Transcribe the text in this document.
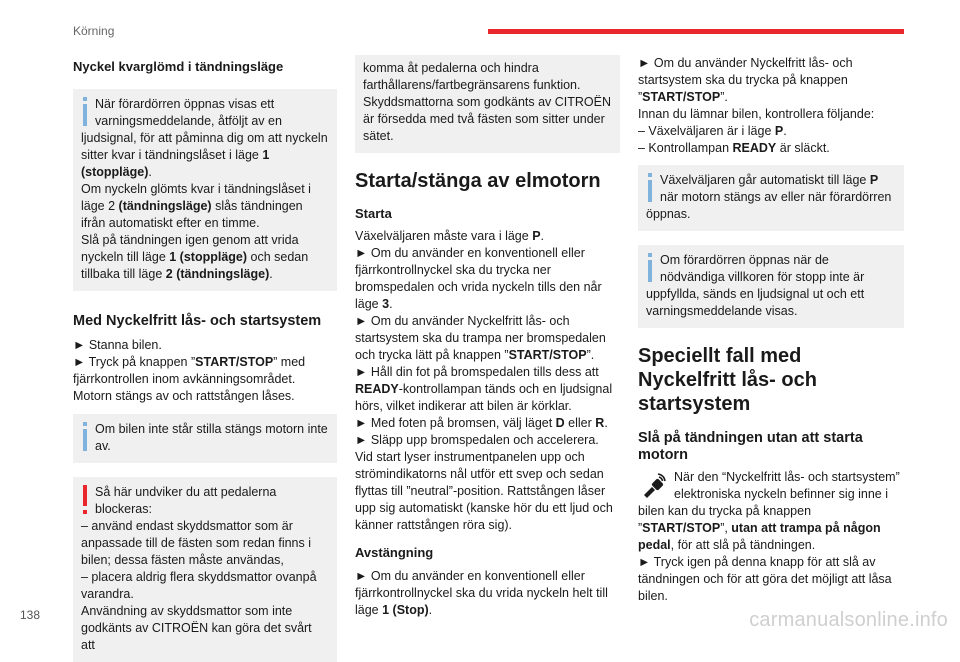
Körning

Nyckel kvarglömd i tändningsläge

När förardörren öppnas visas ett varningsmeddelande, åtföljt av en ljudsignal, för att påminna dig om att nyckeln sitter kvar i tändningslåset i läge 1 (stoppläge).

Om nyckeln glömts kvar i tändningslåset i läge 2 (tändningsläge) slås tändningen ifrån automatiskt efter en timme.

Slå på tändningen igen genom att vrida nyckeln till läge 1 (stoppläge) och sedan tillbaka till läge 2 (tändningsläge).

Med Nyckelfritt lås- och startsystem

► Stanna bilen.

► Tryck på knappen ”START/STOP” med fjärrkontrollen inom avkänningsområdet.

Motorn stängs av och rattstången låses.

Om bilen inte står stilla stängs motorn inte av.

Så här undviker du att pedalerna blockeras:

– använd endast skyddsmattor som är anpassade till de fästen som redan finns i bilen; dessa fästen måste användas,

– placera aldrig flera skyddsmattor ovanpå varandra.

Användning av skyddsmattor som inte godkänts av CITROËN kan göra det svårt att

komma åt pedalerna och hindra farthållarens/fartbegränsarens funktion.

Skyddsmattorna som godkänts av CITROËN är försedda med två fästen som sitter under sätet.

Starta/stänga av elmotorn

Starta

Växelväljaren måste vara i läge P.

► Om du använder en konventionell eller fjärrkontrollnyckel ska du trycka ner bromspedalen och vrida nyckeln tills den når läge 3.

► Om du använder Nyckelfritt lås- och startsystem ska du trampa ner bromspedalen och trycka lätt på knappen ”START/STOP”.

► Håll din fot på bromspedalen tills dess att READY-kontrollampan tänds och en ljudsignal hörs, vilket indikerar att bilen är körklar.

► Med foten på bromsen, välj läget D eller R.

► Släpp upp bromspedalen och accelerera.

Vid start lyser instrumentpanelen upp och strömindikatorns nål utför ett svep och sedan flyttas till ”neutral”-position. Rattstången låser upp sig automatiskt (kanske hör du ett ljud och känner rattstången röra sig).

Avstängning

► Om du använder en konventionell eller fjärrkontrollnyckel ska du vrida nyckeln helt till läge 1 (Stop).

► Om du använder Nyckelfritt lås- och startsystem ska du trycka på knappen ”START/STOP”.

Innan du lämnar bilen, kontrollera följande:

– Växelväljaren är i läge P.

– Kontrollampan READY är släckt.

Växelväljaren går automatiskt till läge P när motorn stängs av eller när förardörren öppnas.

Om förardörren öppnas när de nödvändiga villkoren för stopp inte är uppfyllda, sänds en ljudsignal ut och ett varningsmeddelande visas.

Speciellt fall med Nyckelfritt lås- och startsystem

Slå på tändningen utan att starta motorn

När den “Nyckelfritt lås- och startsystem” elektroniska nyckeln befinner sig inne i bilen kan du trycka på knappen ”START/STOP”, utan att trampa på någon pedal, för att slå på tändningen.

► Tryck igen på denna knapp för att slå av tändningen och för att göra det möjligt att låsa bilen.

138	carmanualsonline.info
